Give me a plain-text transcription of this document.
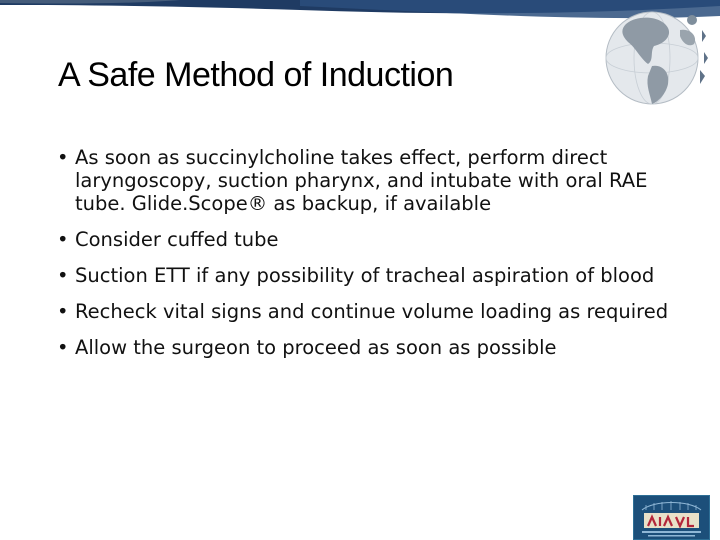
A Safe Method of Induction
• As soon as succinylcholine takes effect, perform direct laryngoscopy, suction pharynx, and intubate with oral RAE tube. Glide.Scope® as backup, if available
• Consider cuffed tube
• Suction ETT if any possibility of tracheal aspiration of blood
• Recheck vital signs and continue volume loading as required
• Allow the surgeon to proceed as soon as possible
